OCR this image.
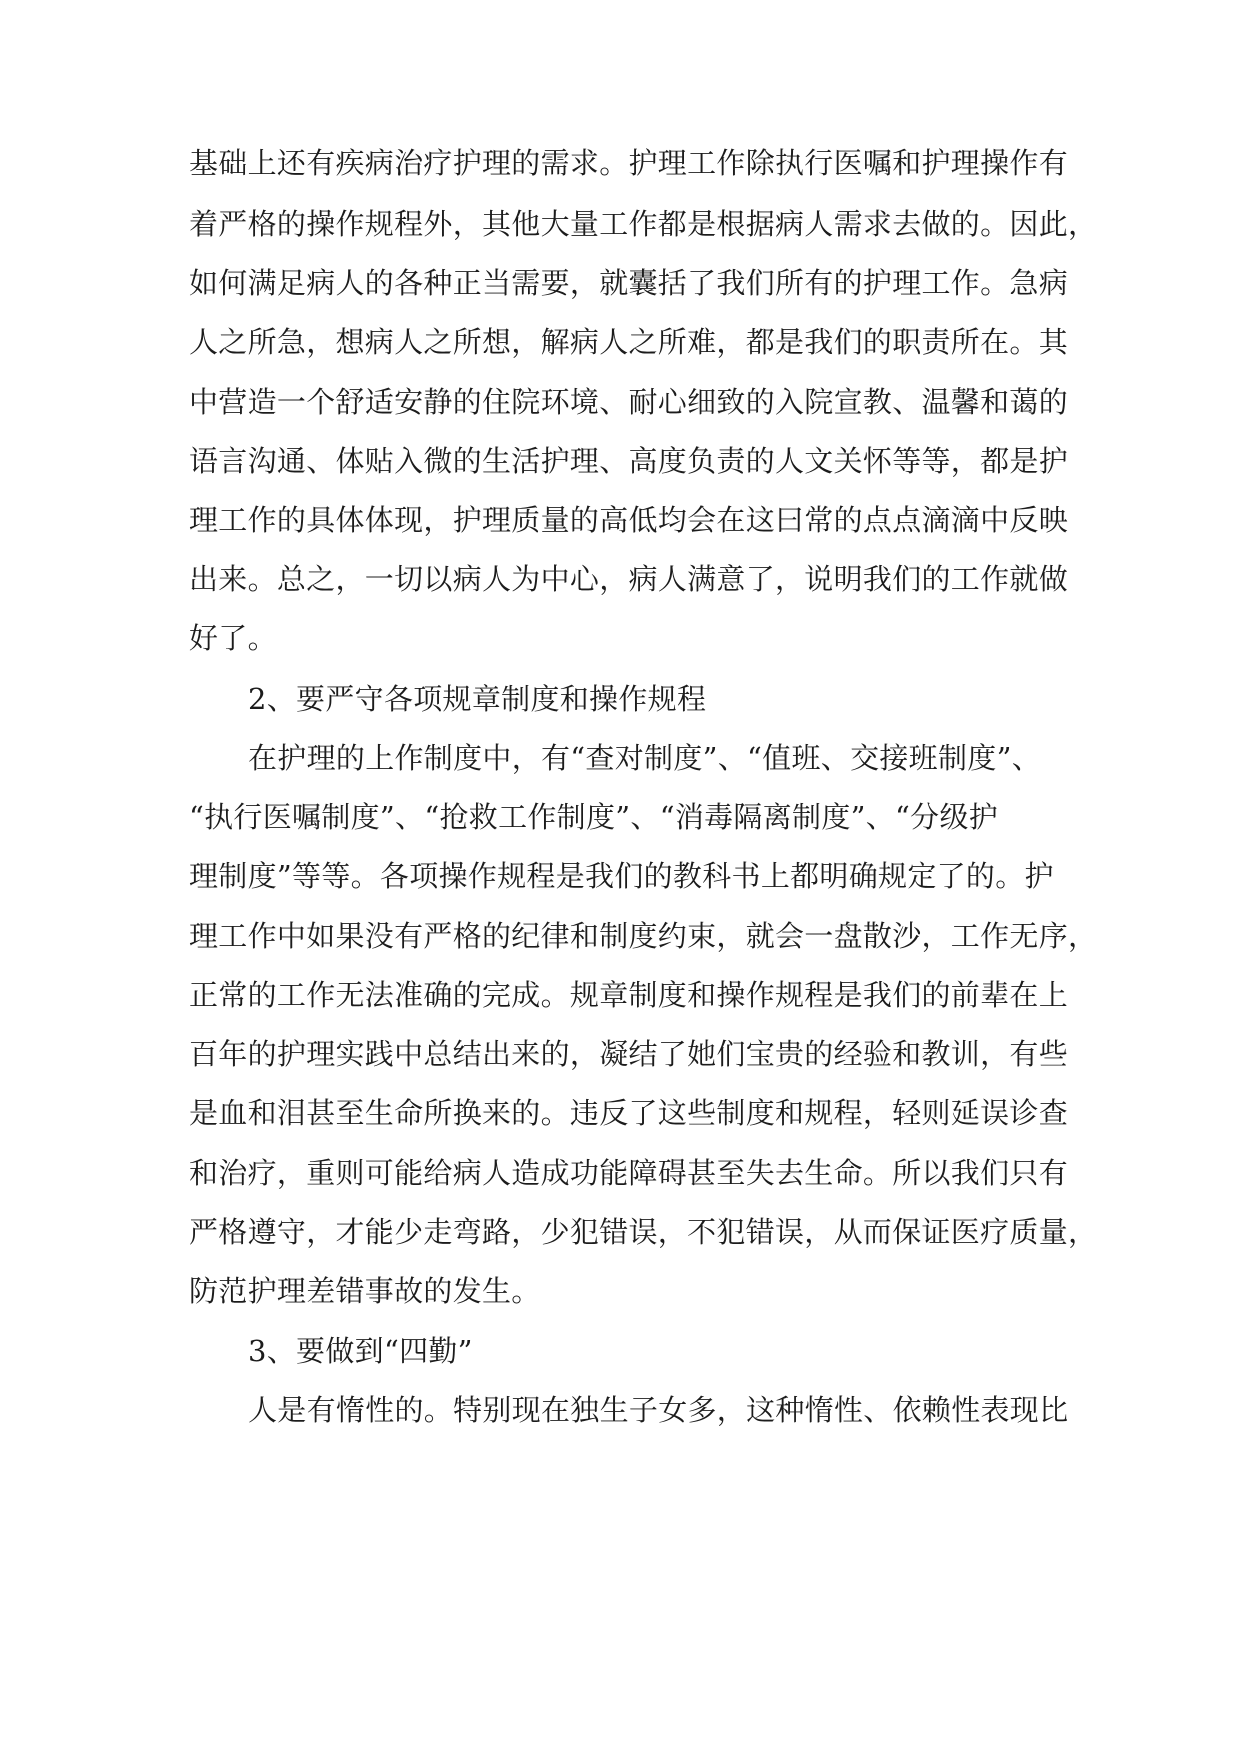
基础上还有疾病治疗护理的需求。护理工作除执行医嘱和护理操作有
着严格的操作规程外，其他大量工作都是根据病人需求去做的。因此，
如何满足病人的各种正当需要，就囊括了我们所有的护理工作。急病
人之所急，想病人之所想，解病人之所难，都是我们的职责所在。其
中营造一个舒适安静的住院环境、耐心细致的入院宣教、温馨和蔼的
语言沟通、体贴入微的生活护理、高度负责的人文关怀等等，都是护
理工作的具体体现，护理质量的高低均会在这曰常的点点滴滴中反映
出来。总之，一切以病人为中心，病人满意了，说明我们的工作就做
好了。
2、要严守各项规章制度和操作规程
在护理的上作制度中，有“查对制度”、“值班、交接班制度”、
“执行医嘱制度”、“抢救工作制度”、“消毒隔离制度”、“分级护
理制度”等等。各项操作规程是我们的教科书上都明确规定了的。护
理工作中如果没有严格的纪律和制度约束，就会一盘散沙，工作无序，
正常的工作无法准确的完成。规章制度和操作规程是我们的前辈在上
百年的护理实践中总结出来的，凝结了她们宝贵的经验和教训，有些
是血和泪甚至生命所换来的。违反了这些制度和规程，轻则延误诊查
和治疗，重则可能给病人造成功能障碍甚至失去生命。所以我们只有
严格遵守，才能少走弯路，少犯错误，不犯错误，从而保证医疗质量，
防范护理差错事故的发生。
3、要做到“四勤”
人是有惰性的。特别现在独生子女多，这种惰性、依赖性表现比
